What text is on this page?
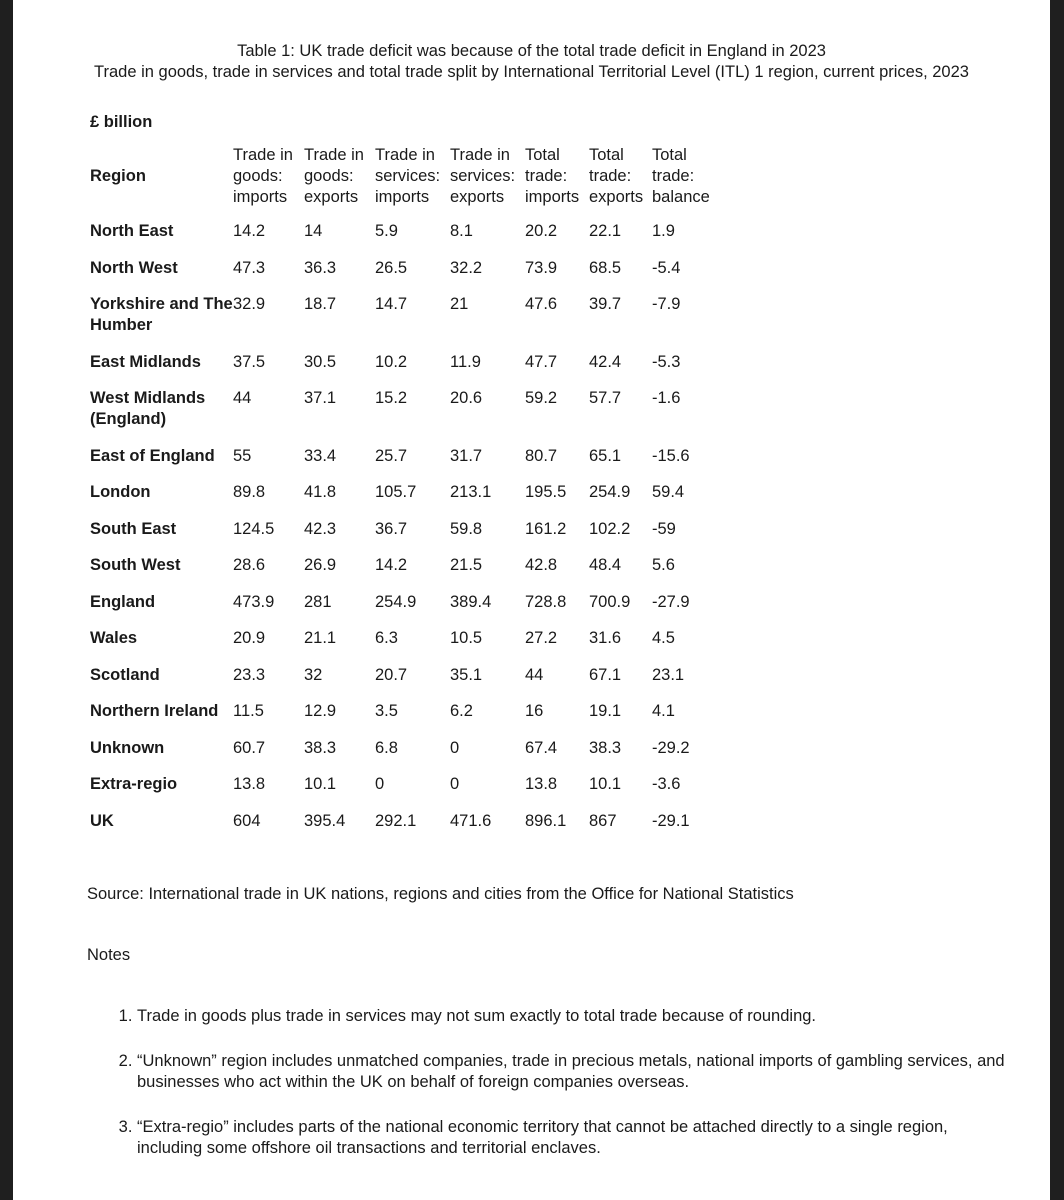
Table 1: UK trade deficit was because of the total trade deficit in England in 2023
Trade in goods, trade in services and total trade split by International Territorial Level (ITL) 1 region, current prices, 2023
£ billion
Region	Trade in goods: imports	Trade in goods: exports	Trade in services: imports	Trade in services: exports	Total trade: imports	Total trade: exports	Total trade: balance
North East	14.2	14	5.9	8.1	20.2	22.1	1.9
North West	47.3	36.3	26.5	32.2	73.9	68.5	-5.4
Yorkshire and The Humber	32.9	18.7	14.7	21	47.6	39.7	-7.9
East Midlands	37.5	30.5	10.2	11.9	47.7	42.4	-5.3
West Midlands (England)	44	37.1	15.2	20.6	59.2	57.7	-1.6
East of England	55	33.4	25.7	31.7	80.7	65.1	-15.6
London	89.8	41.8	105.7	213.1	195.5	254.9	59.4
South East	124.5	42.3	36.7	59.8	161.2	102.2	-59
South West	28.6	26.9	14.2	21.5	42.8	48.4	5.6
England	473.9	281	254.9	389.4	728.8	700.9	-27.9
Wales	20.9	21.1	6.3	10.5	27.2	31.6	4.5
Scotland	23.3	32	20.7	35.1	44	67.1	23.1
Northern Ireland	11.5	12.9	3.5	6.2	16	19.1	4.1
Unknown	60.7	38.3	6.8	0	67.4	38.3	-29.2
Extra-regio	13.8	10.1	0	0	13.8	10.1	-3.6
UK	604	395.4	292.1	471.6	896.1	867	-29.1
Source: International trade in UK nations, regions and cities from the Office for National Statistics
Notes
1. Trade in goods plus trade in services may not sum exactly to total trade because of rounding.
2. “Unknown” region includes unmatched companies, trade in precious metals, national imports of gambling services, and businesses who act within the UK on behalf of foreign companies overseas.
3. “Extra-regio” includes parts of the national economic territory that cannot be attached directly to a single region, including some offshore oil transactions and territorial enclaves.
